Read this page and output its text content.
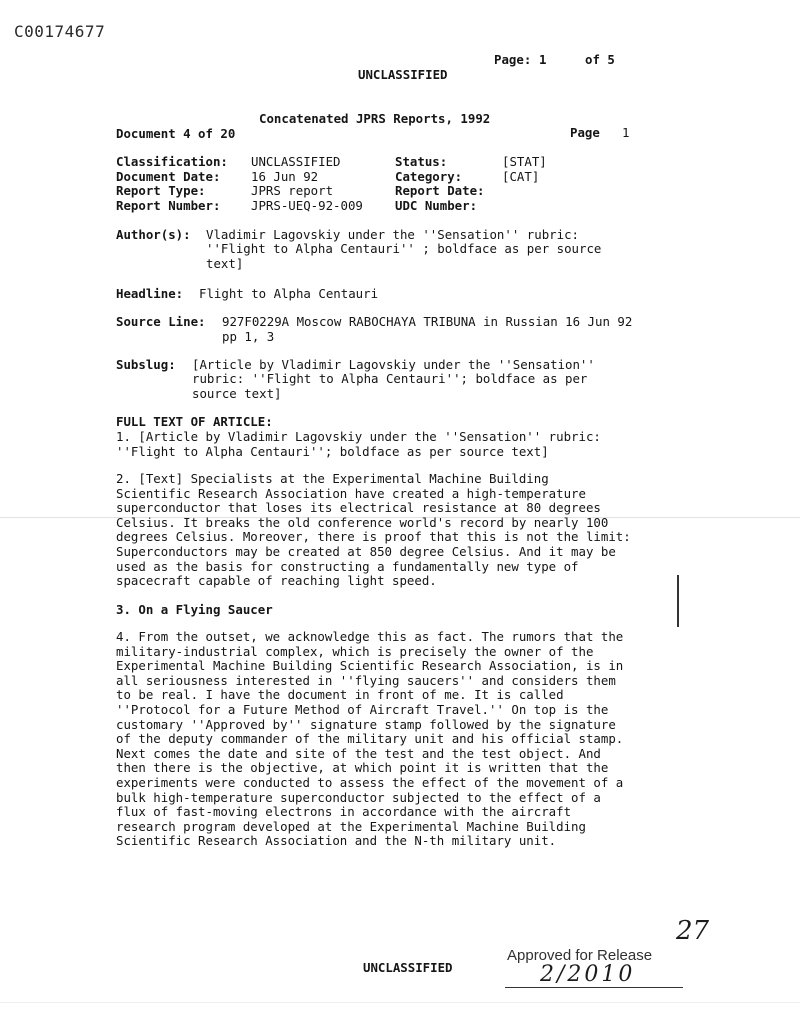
C00174677
Page: 1	of 5
UNCLASSIFIED
Concatenated JPRS Reports, 1992
Document 4 of 20	Page 1
Classification: UNCLASSIFIED	Status:	[STAT]
Document Date: 16 Jun 92	Category:	[CAT]
Report Type:	JPRS report	Report Date:
Report Number: JPRS-UEQ-92-009	UDC Number:
Author(s): Vladimir Lagovskiy under the ''Sensation'' rubric:
''Flight to Alpha Centauri'' ; boldface as per source
text]
Headline: Flight to Alpha Centauri
Source Line: 927F0229A Moscow RABOCHAYA TRIBUNA in Russian 16 Jun 92
pp 1, 3
Subslug: [Article by Vladimir Lagovskiy under the ''Sensation''
rubric: ''Flight to Alpha Centauri''; boldface as per
source text]
FULL TEXT OF ARTICLE:
1. [Article by Vladimir Lagovskiy under the ''Sensation'' rubric:
''Flight to Alpha Centauri''; boldface as per source text]
2. [Text] Specialists at the Experimental Machine Building
Scientific Research Association have created a high-temperature
superconductor that loses its electrical resistance at 80 degrees
Celsius. It breaks the old conference world's record by nearly 100
degrees Celsius. Moreover, there is proof that this is not the limit:
Superconductors may be created at 850 degree Celsius. And it may be
used as the basis for constructing a fundamentally new type of
spacecraft capable of reaching light speed.
3. On a Flying Saucer
4. From the outset, we acknowledge this as fact. The rumors that the
military-industrial complex, which is precisely the owner of the
Experimental Machine Building Scientific Research Association, is in
all seriousness interested in ''flying saucers'' and considers them
to be real. I have the document in front of me. It is called
''Protocol for a Future Method of Aircraft Travel.'' On top is the
customary ''Approved by'' signature stamp followed by the signature
of the deputy commander of the military unit and his official stamp.
Next comes the date and site of the test and the test object. And
then there is the objective, at which point it is written that the
experiments were conducted to assess the effect of the movement of a
bulk high-temperature superconductor subjected to the effect of a
flux of fast-moving electrons in accordance with the aircraft
research program developed at the Experimental Machine Building
Scientific Research Association and the N-th military unit.
27
Approved for Release
UNCLASSIFIED	2/2010
